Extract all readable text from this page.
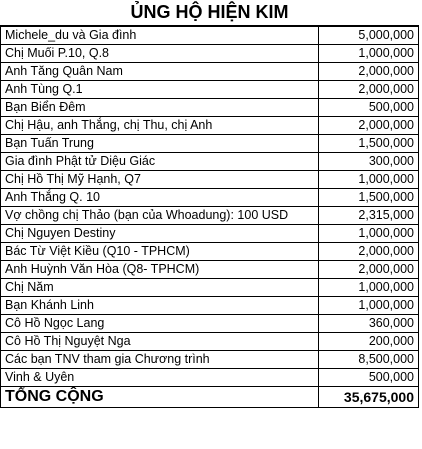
ỦNG HỘ HIỆN KIM
Michele_du và Gia đình	5,000,000
Chị Muối P.10, Q.8	1,000,000
Anh Tăng Quân Nam	2,000,000
Anh Tùng Q.1	2,000,000
Bạn Biển Đêm	500,000
Chị Hậu, anh Thắng, chị Thu, chị Anh	2,000,000
Bạn Tuấn Trung	1,500,000
Gia đình Phật tử Diệu Giác	300,000
Chị Hồ Thị Mỹ Hạnh, Q7	1,000,000
Anh Thắng Q. 10	1,500,000
Vợ chồng chị Thảo (bạn của Whoadung): 100 USD	2,315,000
Chị Nguyen Destiny	1,000,000
Bác Từ Việt Kiều (Q10 - TPHCM)	2,000,000
Anh Huỳnh Văn Hòa (Q8- TPHCM)	2,000,000
Chị Năm	1,000,000
Bạn Khánh Linh	1,000,000
Cô Hồ Ngọc Lang	360,000
Cô Hồ Thị Nguyệt Nga	200,000
Các bạn TNV tham gia Chương trình	8,500,000
Vinh & Uyên	500,000
TỔNG CỘNG	35,675,000
